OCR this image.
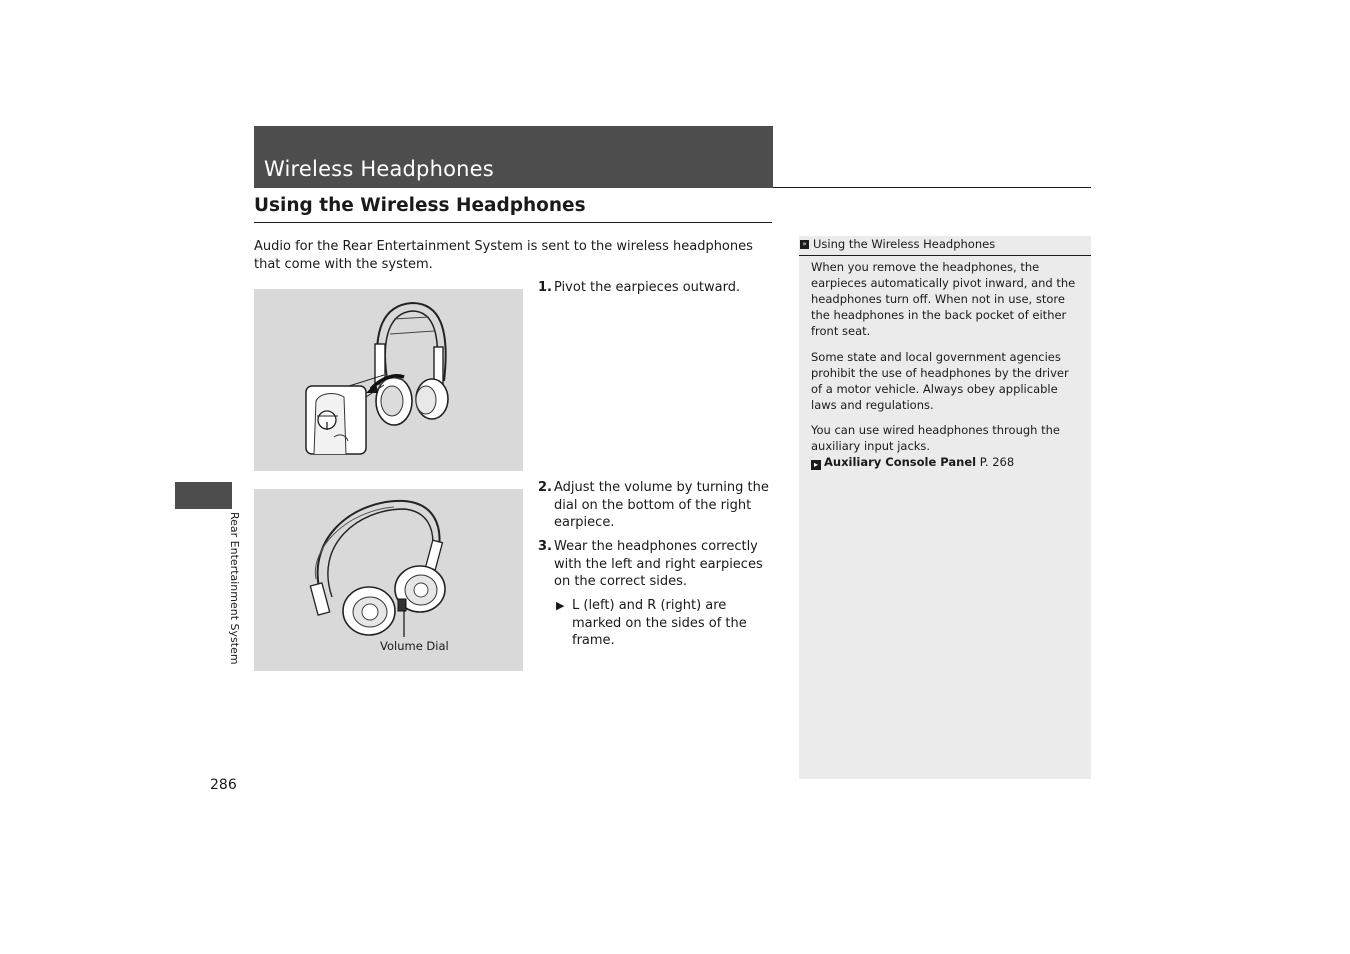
Wireless Headphones
Using the Wireless Headphones

Audio for the Rear Entertainment System is sent to the wireless headphones that come with the system.

Volume Dial
1. Pivot the earpieces outward.
2. Adjust the volume by turning the dial on the bottom of the right earpiece.
3. Wear the headphones correctly with the left and right earpieces on the correct sides.
▶ L (left) and R (right) are marked on the sides of the frame.
» Using the Wireless Headphones

When you remove the headphones, the earpieces automatically pivot inward, and the headphones turn off. When not in use, store the headphones in the back pocket of either front seat.

Some state and local government agencies prohibit the use of headphones by the driver of a motor vehicle. Always obey applicable laws and regulations.

You can use wired headphones through the auxiliary input jacks.

▸ Auxiliary Console Panel P. 268
Rear Entertainment System
286
